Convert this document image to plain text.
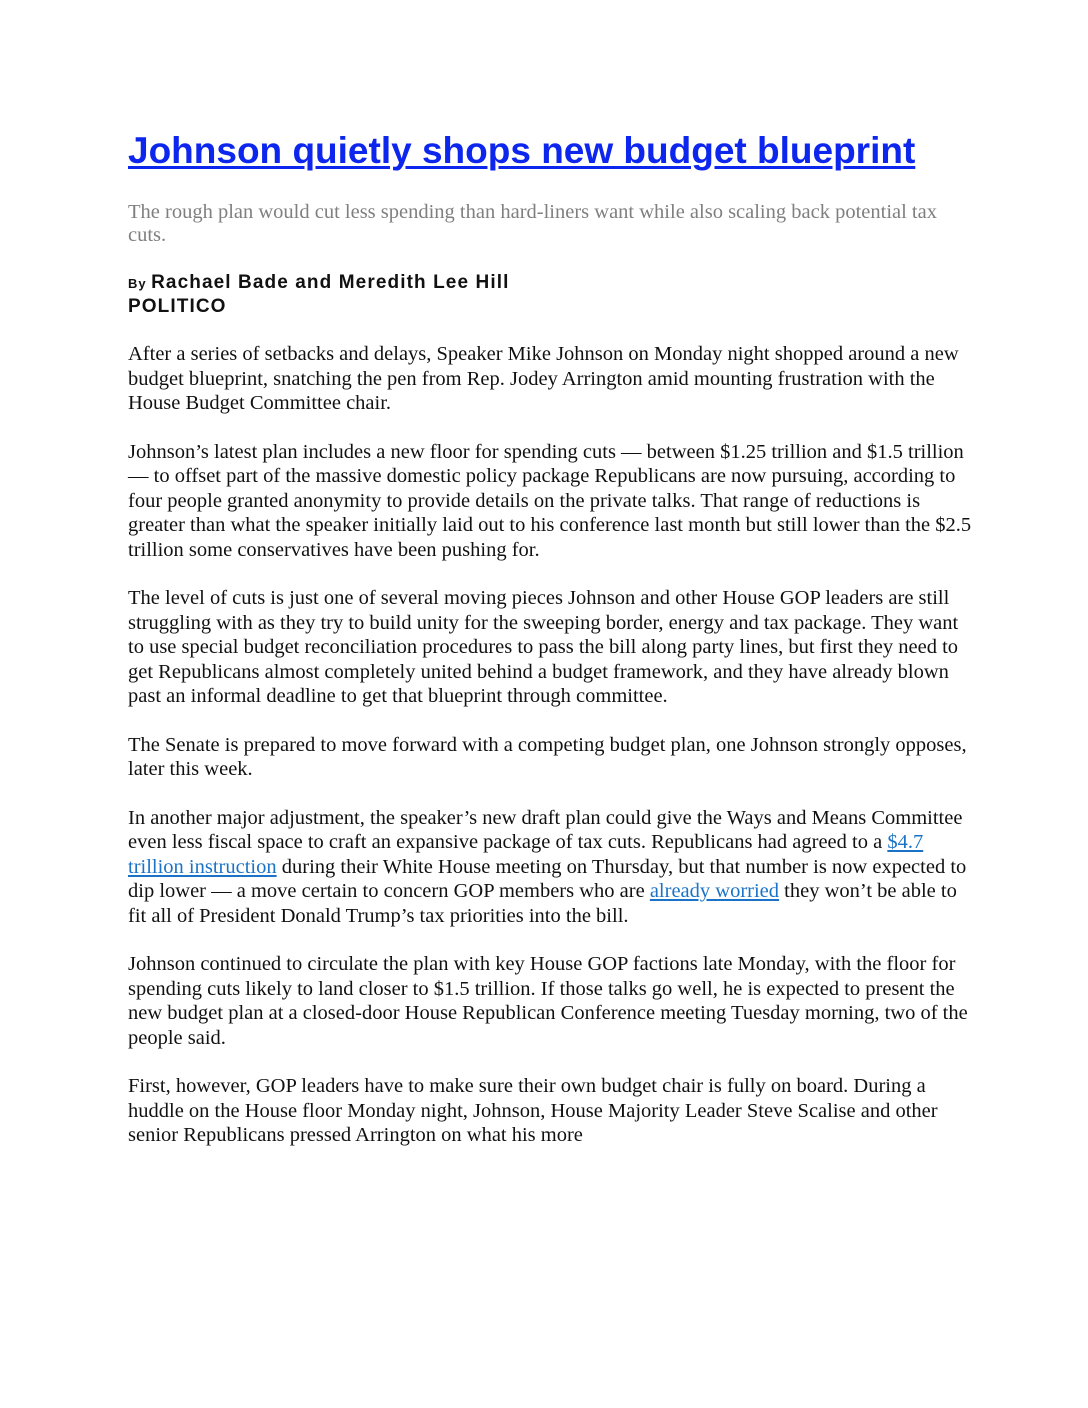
Johnson quietly shops new budget blueprint

The rough plan would cut less spending than hard-liners want while also scaling back potential tax cuts.

By Rachael Bade and Meredith Lee Hill
POLITICO

After a series of setbacks and delays, Speaker Mike Johnson on Monday night shopped around a new budget blueprint, snatching the pen from Rep. Jodey Arrington amid mounting frustration with the House Budget Committee chair.

Johnson’s latest plan includes a new floor for spending cuts — between $1.25 trillion and $1.5 trillion — to offset part of the massive domestic policy package Republicans are now pursuing, according to four people granted anonymity to provide details on the private talks. That range of reductions is greater than what the speaker initially laid out to his conference last month but still lower than the $2.5 trillion some conservatives have been pushing for.

The level of cuts is just one of several moving pieces Johnson and other House GOP leaders are still struggling with as they try to build unity for the sweeping border, energy and tax package. They want to use special budget reconciliation procedures to pass the bill along party lines, but first they need to get Republicans almost completely united behind a budget framework, and they have already blown past an informal deadline to get that blueprint through committee.

The Senate is prepared to move forward with a competing budget plan, one Johnson strongly opposes, later this week.

In another major adjustment, the speaker’s new draft plan could give the Ways and Means Committee even less fiscal space to craft an expansive package of tax cuts. Republicans had agreed to a $4.7 trillion instruction during their White House meeting on Thursday, but that number is now expected to dip lower — a move certain to concern GOP members who are already worried they won’t be able to fit all of President Donald Trump’s tax priorities into the bill.

Johnson continued to circulate the plan with key House GOP factions late Monday, with the floor for spending cuts likely to land closer to $1.5 trillion. If those talks go well, he is expected to present the new budget plan at a closed-door House Republican Conference meeting Tuesday morning, two of the people said.

First, however, GOP leaders have to make sure their own budget chair is fully on board. During a huddle on the House floor Monday night, Johnson, House Majority Leader Steve Scalise and other senior Republicans pressed Arrington on what his more
